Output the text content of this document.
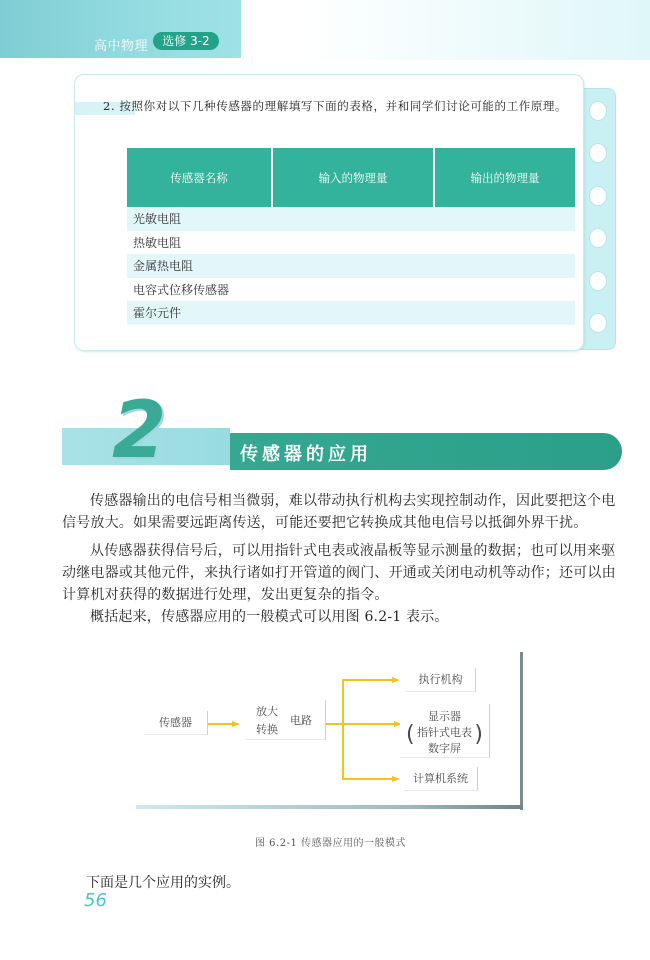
高中物理	选修 3-2
2. 按照你对以下几种传感器的理解填写下面的表格，并和同学们讨论可能的工作原理。
传感器名称	输入的物理量	输出的物理量
光敏电阻		
热敏电阻		
金属热电阻		
电容式位移传感器		
霍尔元件		
2	传感器的应用

传感器输出的电信号相当微弱，难以带动执行机构去实现控制动作，因此要把这个电信号放大。如果需要远距离传送，可能还要把它转换成其他电信号以抵御外界干扰。

从传感器获得信号后，可以用指针式电表或液晶板等显示测量的数据；也可以用来驱动继电器或其他元件，来执行诸如打开管道的阀门、开通或关闭电动机等动作；还可以由计算机对获得的数据进行处理，发出更复杂的指令。

概括起来，传感器应用的一般模式可以用图 6.2-1 表示。

传感器
放大
转换
电路
执行机构
显示器
指针式电表
数字屏
(	)
计算机系统
图 6.2-1 传感器应用的一般模式
下面是几个应用的实例。
56
